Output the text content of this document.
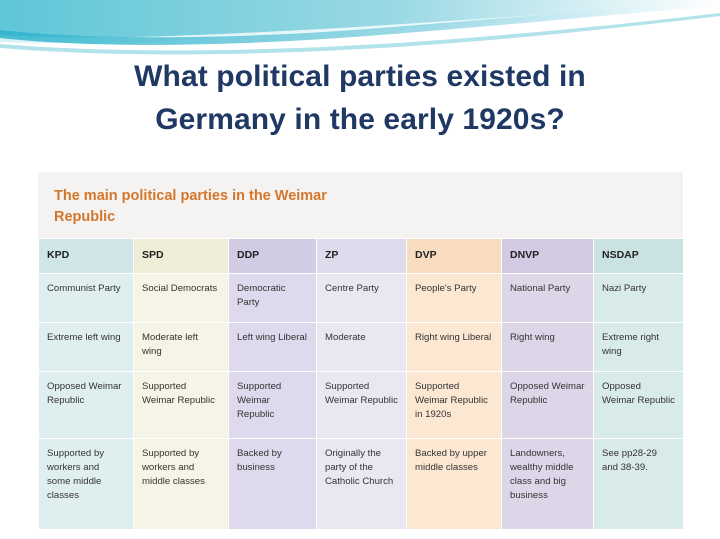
What political parties existed in
Germany in the early 1920s?
The main political parties in the Weimar Republic
KPD	SPD	DDP	ZP	DVP	DNVP	NSDAP
Communist Party	Social Democrats	Democratic Party	Centre Party	People's Party	National Party	Nazi Party
Extreme left wing	Moderate left wing	Left wing Liberal	Moderate	Right wing Liberal	Right wing	Extreme right wing
Opposed Weimar Republic	Supported Weimar Republic	Supported Weimar Republic	Supported Weimar Republic	Supported Weimar Republic in 1920s	Opposed Weimar Republic	Opposed Weimar Republic
Supported by workers and some middle classes	Supported by workers and middle classes	Backed by business	Originally the party of the Catholic Church	Backed by upper middle classes	Landowners, wealthy middle class and big business	See pp28-29 and 38-39.
